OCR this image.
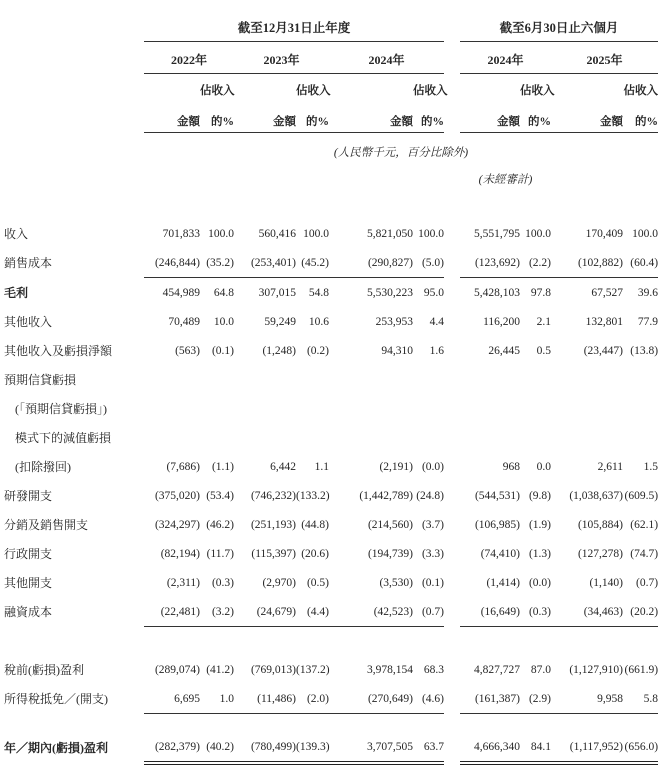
	截至12月31日止年度							截至6月30日止六個月			
	2022年		2023年		2024年			2024年		2025年	
		佔收入		佔收入		佔收入			佔收入		佔收入
	金額	的%	金額	的%	金額	的%		金額	的%	金額	的%
	(人民幣千元，百分比除外)										
								(未經審計)			

收入	701,833	100.0	560,416	100.0	5,821,050	100.0		5,551,795	100.0	170,409	100.0
銷售成本	(246,844)	(35.2)	(253,401)	(45.2)	(290,827)	(5.0)		(123,692)	(2.2)	(102,882)	(60.4)
毛利	454,989	64.8	307,015	54.8	5,530,223	95.0		5,428,103	97.8	67,527	39.6
其他收入	70,489	10.0	59,249	10.6	253,953	4.4		116,200	2.1	132,801	77.9
其他收入及虧損淨額	(563)	(0.1)	(1,248)	(0.2)	94,310	1.6		26,445	0.5	(23,447)	(13.8)
預期信貸虧損											
(「預期信貸虧損」)											
模式下的減值虧損											
(扣除撥回)	(7,686)	(1.1)	6,442	1.1	(2,191)	(0.0)		968	0.0	2,611	1.5
研發開支	(375,020)	(53.4)	(746,232)	(133.2)	(1,442,789)	(24.8)		(544,531)	(9.8)	(1,038,637)	(609.5)
分銷及銷售開支	(324,297)	(46.2)	(251,193)	(44.8)	(214,560)	(3.7)		(106,985)	(1.9)	(105,884)	(62.1)
行政開支	(82,194)	(11.7)	(115,397)	(20.6)	(194,739)	(3.3)		(74,410)	(1.3)	(127,278)	(74.7)
其他開支	(2,311)	(0.3)	(2,970)	(0.5)	(3,530)	(0.1)		(1,414)	(0.0)	(1,140)	(0.7)
融資成本	(22,481)	(3.2)	(24,679)	(4.4)	(42,523)	(0.7)		(16,649)	(0.3)	(34,463)	(20.2)

稅前(虧損)盈利	(289,074)	(41.2)	(769,013)	(137.2)	3,978,154	68.3		4,827,727	87.0	(1,127,910)	(661.9)
所得稅抵免／(開支)	6,695	1.0	(11,486)	(2.0)	(270,649)	(4.6)		(161,387)	(2.9)	9,958	5.8

年／期內(虧損)盈利	(282,379)	(40.2)	(780,499)	(139.3)	3,707,505	63.7		4,666,340	84.1	(1,117,952)	(656.0)
